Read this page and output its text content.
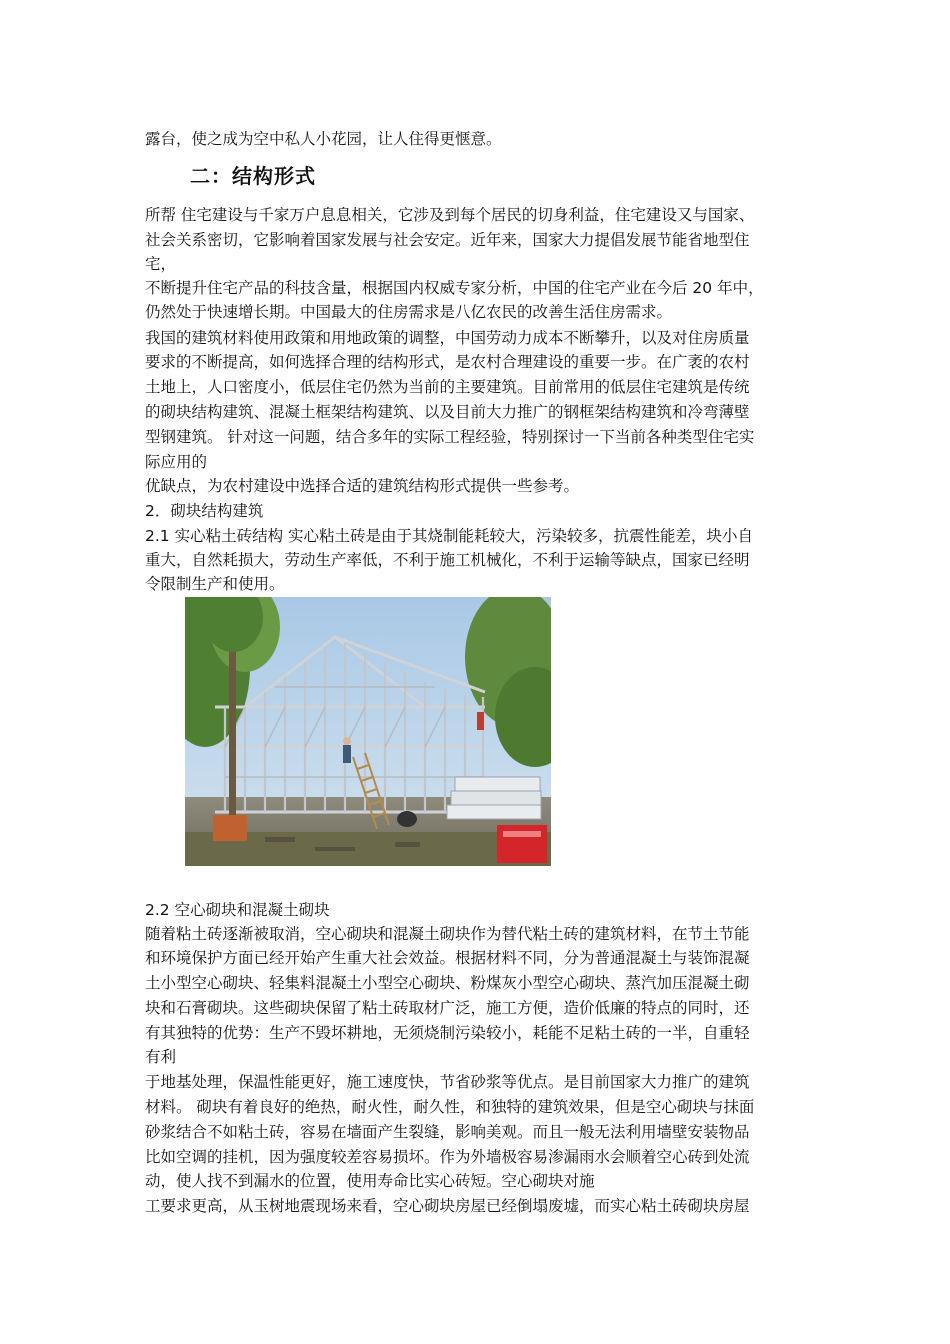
露台，使之成为空中私人小花园，让人住得更惬意。
二：结构形式
所帮 住宅建设与千家万户息息相关，它涉及到每个居民的切身利益，住宅建设又与国家、
社会关系密切，它影响着国家发展与社会安定。近年来，国家大力提倡发展节能省地型住
宅，
不断提升住宅产品的科技含量，根据国内权威专家分析，中国的住宅产业在今后 20 年中，
仍然处于快速增长期。中国最大的住房需求是八亿农民的改善生活住房需求。
我国的建筑材料使用政策和用地政策的调整，中国劳动力成本不断攀升，以及对住房质量
要求的不断提高，如何选择合理的结构形式，是农村合理建设的重要一步。在广袤的农村
土地上，人口密度小，低层住宅仍然为当前的主要建筑。目前常用的低层住宅建筑是传统
的砌块结构建筑、混凝土框架结构建筑、以及目前大力推广的钢框架结构建筑和冷弯薄壁
型钢建筑。 针对这一问题，结合多年的实际工程经验，特别探讨一下当前各种类型住宅实
际应用的
优缺点，为农村建设中选择合适的建筑结构形式提供一些参考。
2．砌块结构建筑
2.1 实心粘土砖结构 实心粘土砖是由于其烧制能耗较大，污染较多，抗震性能差，块小自
重大，自然耗损大，劳动生产率低，不利于施工机械化，不利于运输等缺点，国家已经明
令限制生产和使用。
2.2 空心砌块和混凝土砌块
随着粘土砖逐渐被取消，空心砌块和混凝土砌块作为替代粘土砖的建筑材料，在节土节能
和环境保护方面已经开始产生重大社会效益。根据材料不同，分为普通混凝土与装饰混凝
土小型空心砌块、轻集料混凝土小型空心砌块、粉煤灰小型空心砌块、蒸汽加压混凝土砌
块和石膏砌块。这些砌块保留了粘土砖取材广泛，施工方便，造价低廉的特点的同时，还
有其独特的优势：生产不毁坏耕地，无须烧制污染较小，耗能不足粘土砖的一半，自重轻
有利
于地基处理，保温性能更好，施工速度快，节省砂浆等优点。是目前国家大力推广的建筑
材料。 砌块有着良好的绝热，耐火性，耐久性，和独特的建筑效果，但是空心砌块与抹面
砂浆结合不如粘土砖，容易在墙面产生裂缝，影响美观。而且一般无法利用墙壁安装物品
比如空调的挂机，因为强度较差容易损坏。作为外墙极容易渗漏雨水会顺着空心砖到处流
动，使人找不到漏水的位置，使用寿命比实心砖短。空心砌块对施
工要求更高，从玉树地震现场来看，空心砌块房屋已经倒塌废墟，而实心粘土砖砌块房屋
